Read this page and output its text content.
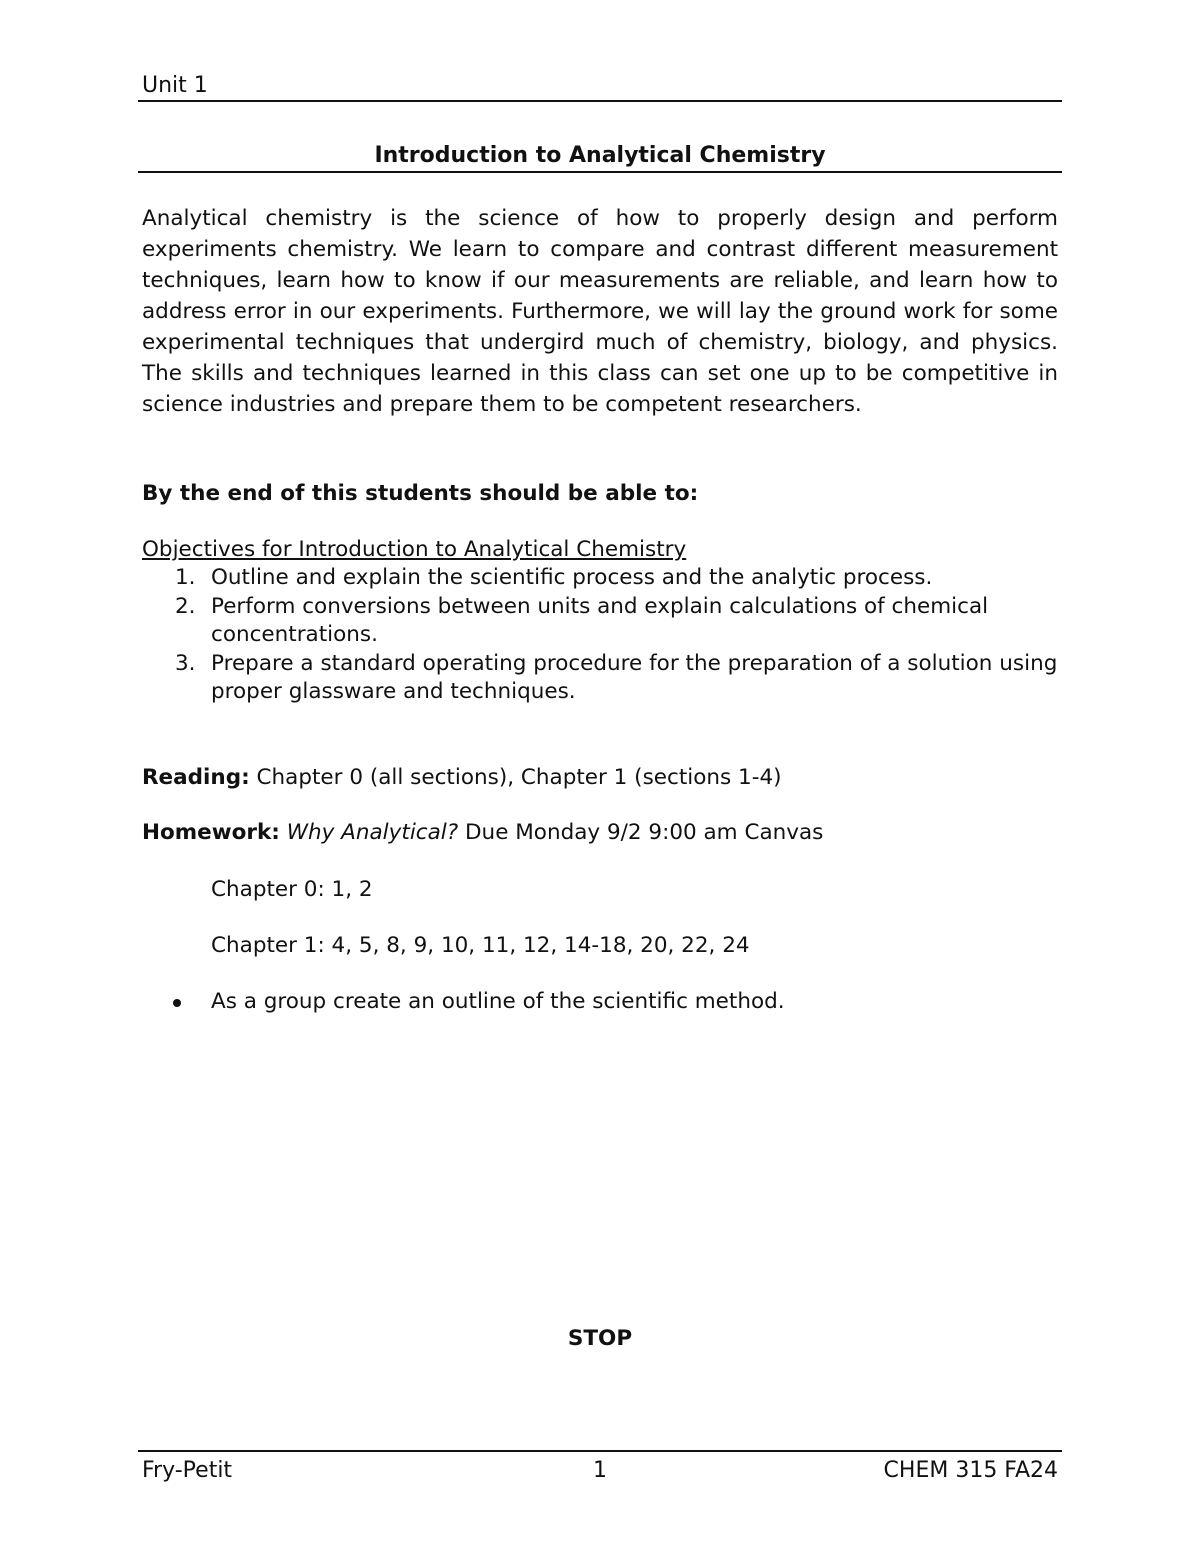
Unit 1
Introduction to Analytical Chemistry

Analytical chemistry is the science of how to properly design and perform experiments chemistry. We learn to compare and contrast different measurement techniques, learn how to know if our measurements are reliable, and learn how to address error in our experiments. Furthermore, we will lay the ground work for some experimental techniques that undergird much of chemistry, biology, and physics. The skills and techniques learned in this class can set one up to be competitive in science industries and prepare them to be competent researchers.

By the end of this students should be able to:
Objectives for Introduction to Analytical Chemistry
1. Outline and explain the scientific process and the analytic process.
2. Perform conversions between units and explain calculations of chemical concentrations.
3. Prepare a standard operating procedure for the preparation of a solution using proper glassware and techniques.
Reading: Chapter 0 (all sections), Chapter 1 (sections 1-4)
Homework: Why Analytical? Due Monday 9/2 9:00 am Canvas
Chapter 0: 1, 2
Chapter 1: 4, 5, 8, 9, 10, 11, 12, 14-18, 20, 22, 24
As a group create an outline of the scientific method.
STOP
Fry-Petit	1	CHEM 315 FA24
